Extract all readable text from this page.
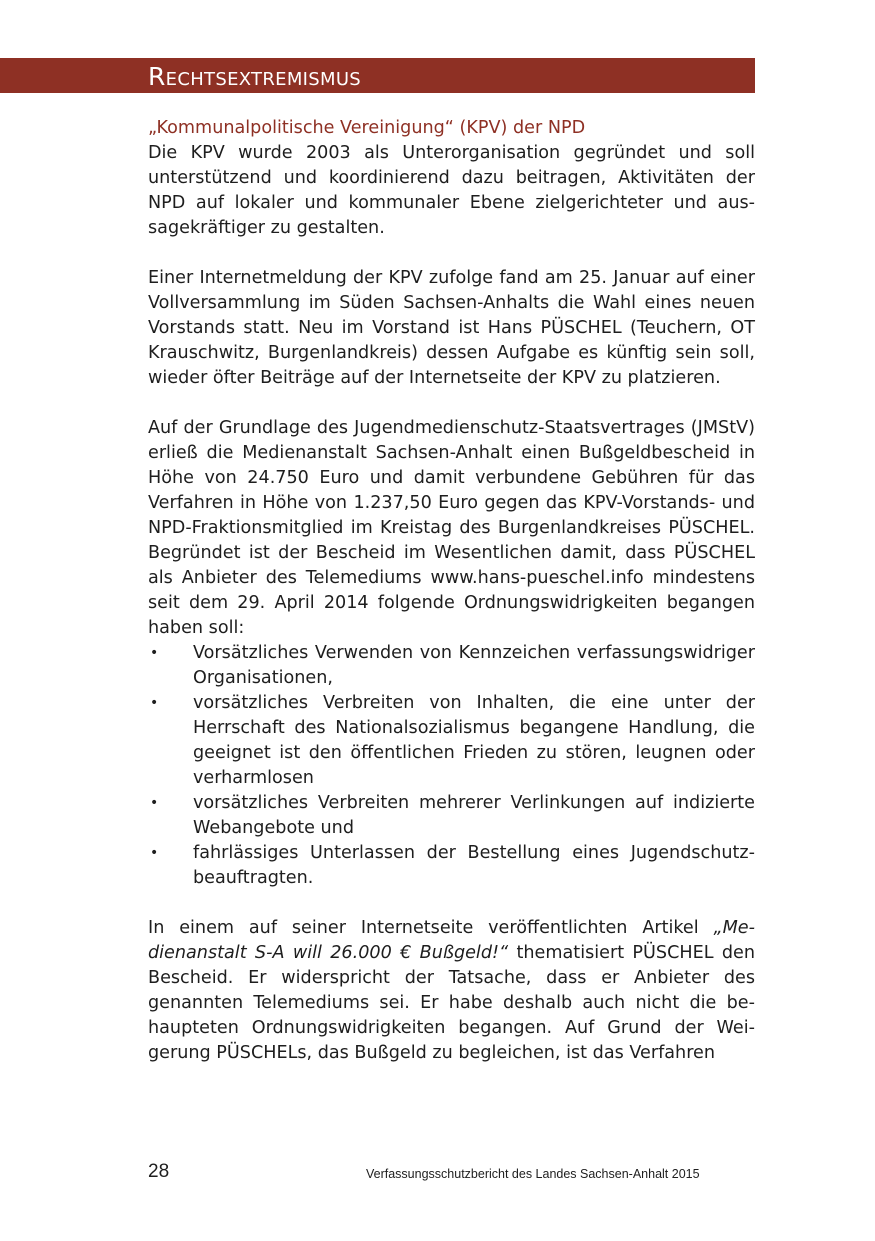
Rechtsextremismus
„Kommunalpolitische Vereinigung“ (KPV) der NPD

Die KPV wurde 2003 als Unterorganisation gegründet und soll unterstützend und koordinierend dazu beitragen, Aktivitäten der NPD auf lokaler und kommunaler Ebene zielgerichteter und aussagekräftiger zu gestalten.

Einer Internetmeldung der KPV zufolge fand am 25. Januar auf einer Vollversammlung im Süden Sachsen-Anhalts die Wahl eines neuen Vorstands statt. Neu im Vorstand ist Hans PÜSCHEL (Teuchern, OT Krauschwitz, Burgenlandkreis) dessen Aufgabe es künftig sein soll, wieder öfter Beiträge auf der Internetseite der KPV zu platzieren.

Auf der Grundlage des Jugendmedienschutz-Staatsvertrages (JMStV) erließ die Medienanstalt Sachsen-Anhalt einen Bußgeldbescheid in Höhe von 24.750 Euro und damit verbundene Gebühren für das Verfahren in Höhe von 1.237,50 Euro gegen das KPV-Vorstands- und NPD-Fraktionsmitglied im Kreistag des Burgenlandkreises PÜSCHEL. Begründet ist der Bescheid im Wesentlichen damit, dass PÜSCHEL als Anbieter des Telemediums www.​hans-pueschel.info mindestens seit dem 29. April 2014 folgende Ordnungswidrigkeiten begangen haben soll:

• Vorsätzliches Verwenden von Kennzeichen verfassungswidriger Organisationen,
• vorsätzliches Verbreiten von Inhalten, die eine unter der Herrschaft des Nationalsozialismus begangene Handlung, die geeignet ist den öffentlichen Frieden zu stören, leugnen oder verharmlosen
• vorsätzliches Verbreiten mehrerer Verlinkungen auf indizierte Webangebote und
• fahrlässiges Unterlassen der Bestellung eines Jugendschutzbeauftragten.

In einem auf seiner Internetseite veröffentlichten Artikel „Medienanstalt S-A will 26.000 € Bußgeld!“ thematisiert PÜSCHEL den Bescheid. Er widerspricht der Tatsache, dass er Anbieter des genannten Telemediums sei. Er habe deshalb auch nicht die behaupteten Ordnungswidrigkeiten begangen. Auf Grund der Weigerung PÜSCHELs, das Bußgeld zu begleichen, ist das Verfahren

28	Verfassungsschutzbericht des Landes Sachsen-Anhalt 2015
